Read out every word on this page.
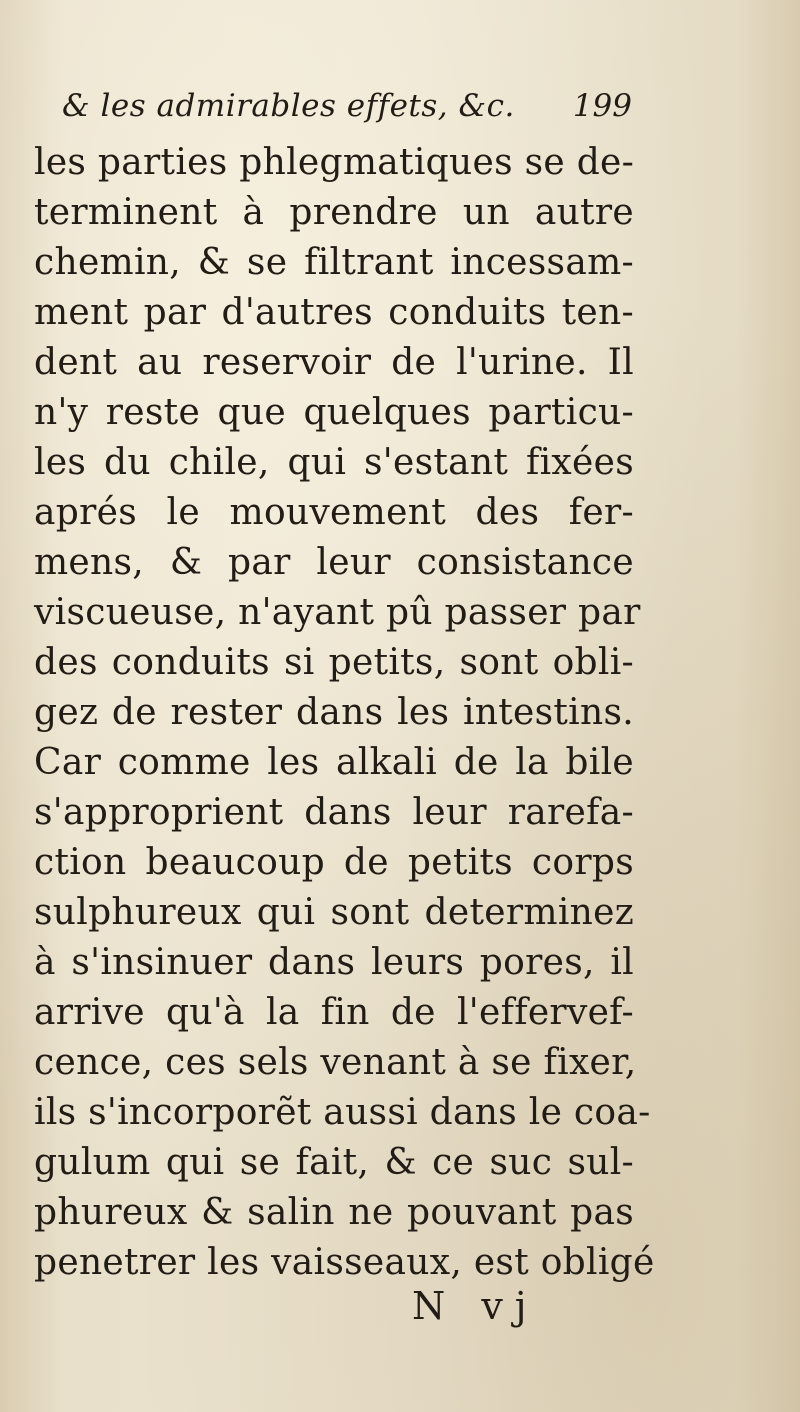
& les admirables effets, &c. 199
les parties phlegmatiques se de-
terminent à prendre un autre
chemin, & se filtrant incessam-
ment par d'autres conduits ten-
dent au reservoir de l'urine. Il
n'y reste que quelques particu-
les du chile, qui s'estant fixées
aprés le mouvement des fer-
mens, & par leur consistance
viscueuse, n'ayant pû passer par
des conduits si petits, sont obli-
gez de rester dans les intestins.
Car comme les alkali de la bile
s'approprient dans leur rarefa-
ction beaucoup de petits corps
sulphureux qui sont determinez
à s'insinuer dans leurs pores, il
arrive qu'à la fin de l'effervef-
cence, ces sels venant à se fixer,
ils s'incorporẽt aussi dans le coa-
gulum qui se fait, & ce suc sul-
phureux & salin ne pouvant pas
penetrer les vaisseaux, est obligé
N vj
